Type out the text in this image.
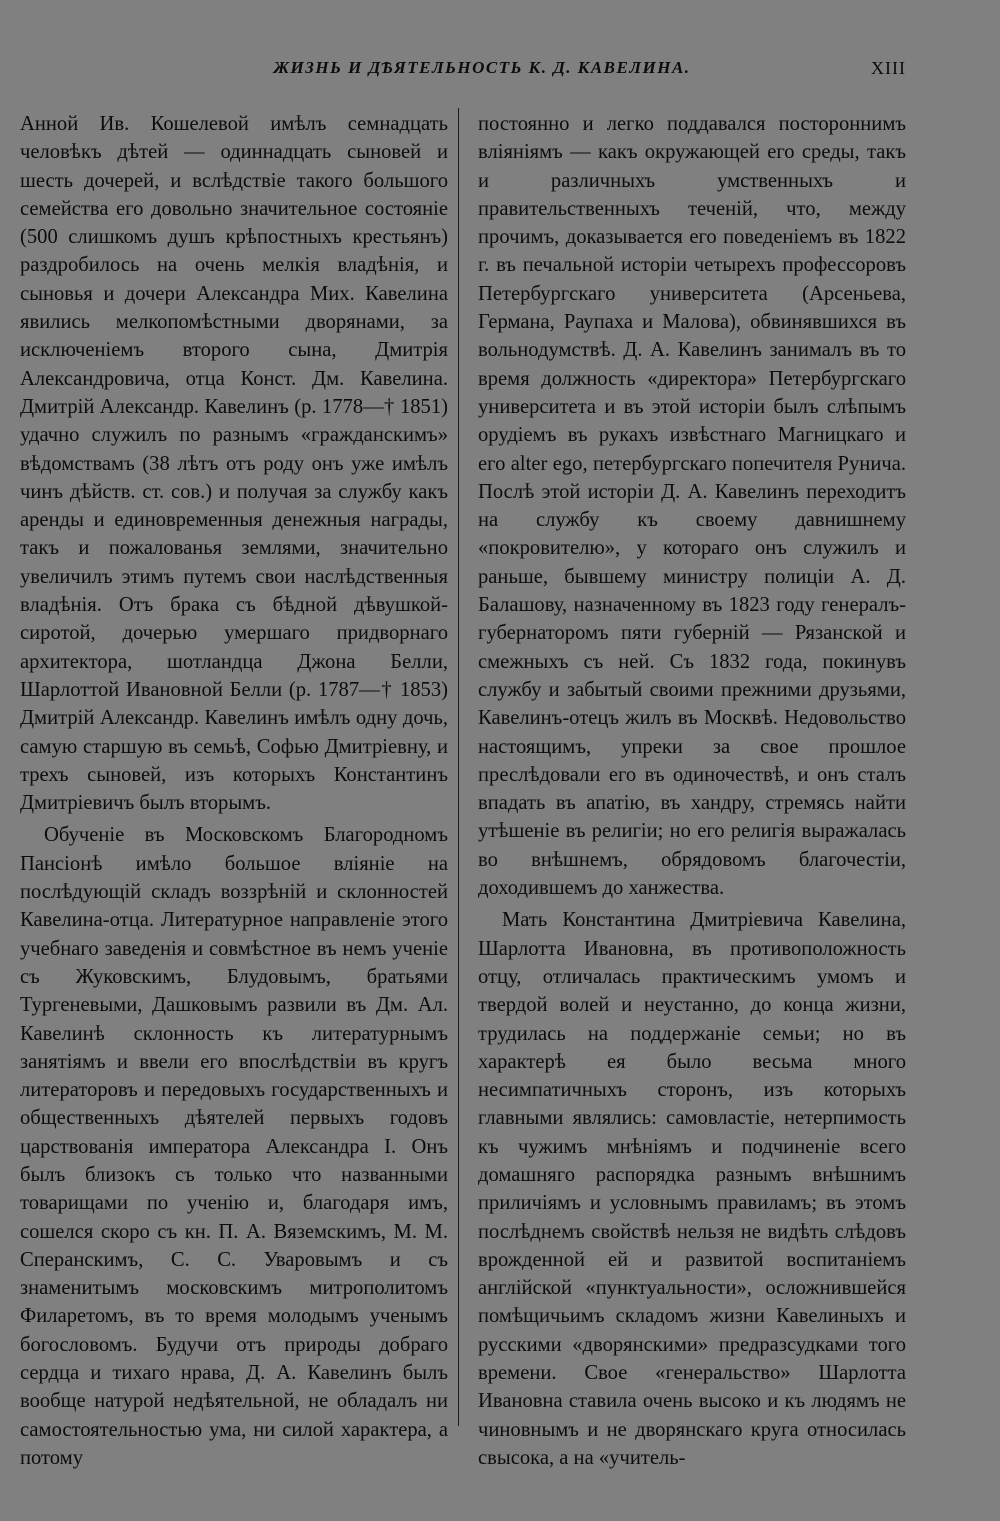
ЖИЗНЬ И ДѢЯТЕЛЬНОСТЬ К. Д. КАВЕЛИНА.	XIII

Анной Ив. Кошелевой имѣлъ семнадцать человѣкъ дѣтей — одиннадцать сыновей и шесть дочерей, и вслѣдствіе такого большого семейства его довольно значительное состояніе (500 слишкомъ душъ крѣпостныхъ крестьянъ) раздробилось на очень мелкія владѣнія, и сыновья и дочери Александра Мих. Кавелина явились мелкопомѣстными дворянами, за исключеніемъ второго сына, Дмитрія Александровича, отца Конст. Дм. Кавелина. Дмитрій Александр. Кавелинъ (р. 1778—† 1851) удачно служилъ по разнымъ «гражданскимъ» вѣдомствамъ (38 лѣтъ отъ роду онъ уже имѣлъ чинъ дѣйств. ст. сов.) и получая за службу какъ аренды и единовременныя денежныя награды, такъ и пожалованья землями, значительно увеличилъ этимъ путемъ свои наслѣдственныя владѣнія. Отъ брака съ бѣдной дѣвушкой-сиротой, дочерью умершаго придворнаго архитектора, шотландца Джона Белли, Шарлоттой Ивановной Белли (р. 1787—† 1853) Дмитрій Александр. Кавелинъ имѣлъ одну дочь, самую старшую въ семьѣ, Софью Дмитріевну, и трехъ сыновей, изъ которыхъ Константинъ Дмитріевичъ былъ вторымъ.

Обученіе въ Московскомъ Благородномъ Пансіонѣ имѣло большое вліяніе на послѣдующій складъ воззрѣній и склонностей Кавелина-отца. Литературное направленіе этого учебнаго заведенія и совмѣстное въ немъ ученіе съ Жуковскимъ, Блудовымъ, братьями Тургеневыми, Дашковымъ развили въ Дм. Ал. Кавелинѣ склонность къ литературнымъ занятіямъ и ввели его впослѣдствіи въ кругъ литераторовъ и передовыхъ государственныхъ и общественныхъ дѣятелей первыхъ годовъ царствованія императора Александра I. Онъ былъ близокъ съ только что названными товарищами по ученію и, благодаря имъ, сошелся скоро съ кн. П. А. Вяземскимъ, М. М. Сперанскимъ, С. С. Уваровымъ и съ знаменитымъ московскимъ митрополитомъ Филаретомъ, въ то время молодымъ ученымъ богословомъ. Будучи отъ природы добраго сердца и тихаго нрава, Д. А. Кавелинъ былъ вообще натурой недѣятельной, не обладалъ ни самостоятельностью ума, ни силой характера, а потому

постоянно и легко поддавался постороннимъ вліяніямъ — какъ окружающей его среды, такъ и различныхъ умственныхъ и правительственныхъ теченій, что, между прочимъ, доказывается его поведеніемъ въ 1822 г. въ печальной исторіи четырехъ профессоровъ Петербургскаго университета (Арсеньева, Германа, Раупаха и Малова), обвинявшихся въ вольнодумствѣ. Д. А. Кавелинъ занималъ въ то время должность «директора» Петербургскаго университета и въ этой исторіи былъ слѣпымъ орудіемъ въ рукахъ извѣстнаго Магницкаго и его alter ego, петербургскаго попечителя Рунича. Послѣ этой исторіи Д. А. Кавелинъ переходитъ на службу къ своему давнишнему «покровителю», у котораго онъ служилъ и раньше, бывшему министру полиціи А. Д. Балашову, назначенному въ 1823 году генералъ-губернаторомъ пяти губерній — Рязанской и смежныхъ съ ней. Съ 1832 года, покинувъ службу и забытый своими прежними друзьями, Кавелинъ-отецъ жилъ въ Москвѣ. Недовольство настоящимъ, упреки за свое прошлое преслѣдовали его въ одиночествѣ, и онъ сталъ впадать въ апатію, въ хандру, стремясь найти утѣшеніе въ религіи; но его религія выражалась во внѣшнемъ, обрядовомъ благочестіи, доходившемъ до ханжества.

Мать Константина Дмитріевича Кавелина, Шарлотта Ивановна, въ противоположность отцу, отличалась практическимъ умомъ и твердой волей и неустанно, до конца жизни, трудилась на поддержаніе семьи; но въ характерѣ ея было весьма много несимпатичныхъ сторонъ, изъ которыхъ главными являлись: самовластіе, нетерпимость къ чужимъ мнѣніямъ и подчиненіе всего домашняго распорядка разнымъ внѣшнимъ приличіямъ и условнымъ правиламъ; въ этомъ послѣднемъ свойствѣ нельзя не видѣть слѣдовъ врожденной ей и развитой воспитаніемъ англійской «пунктуальности», осложнившейся помѣщичьимъ складомъ жизни Кавелиныхъ и русскими «дворянскими» предразсудками того времени. Свое «генеральство» Шарлотта Ивановна ставила очень высоко и къ людямъ не чиновнымъ и не дворянскаго круга относилась свысока, а на «учитель-
